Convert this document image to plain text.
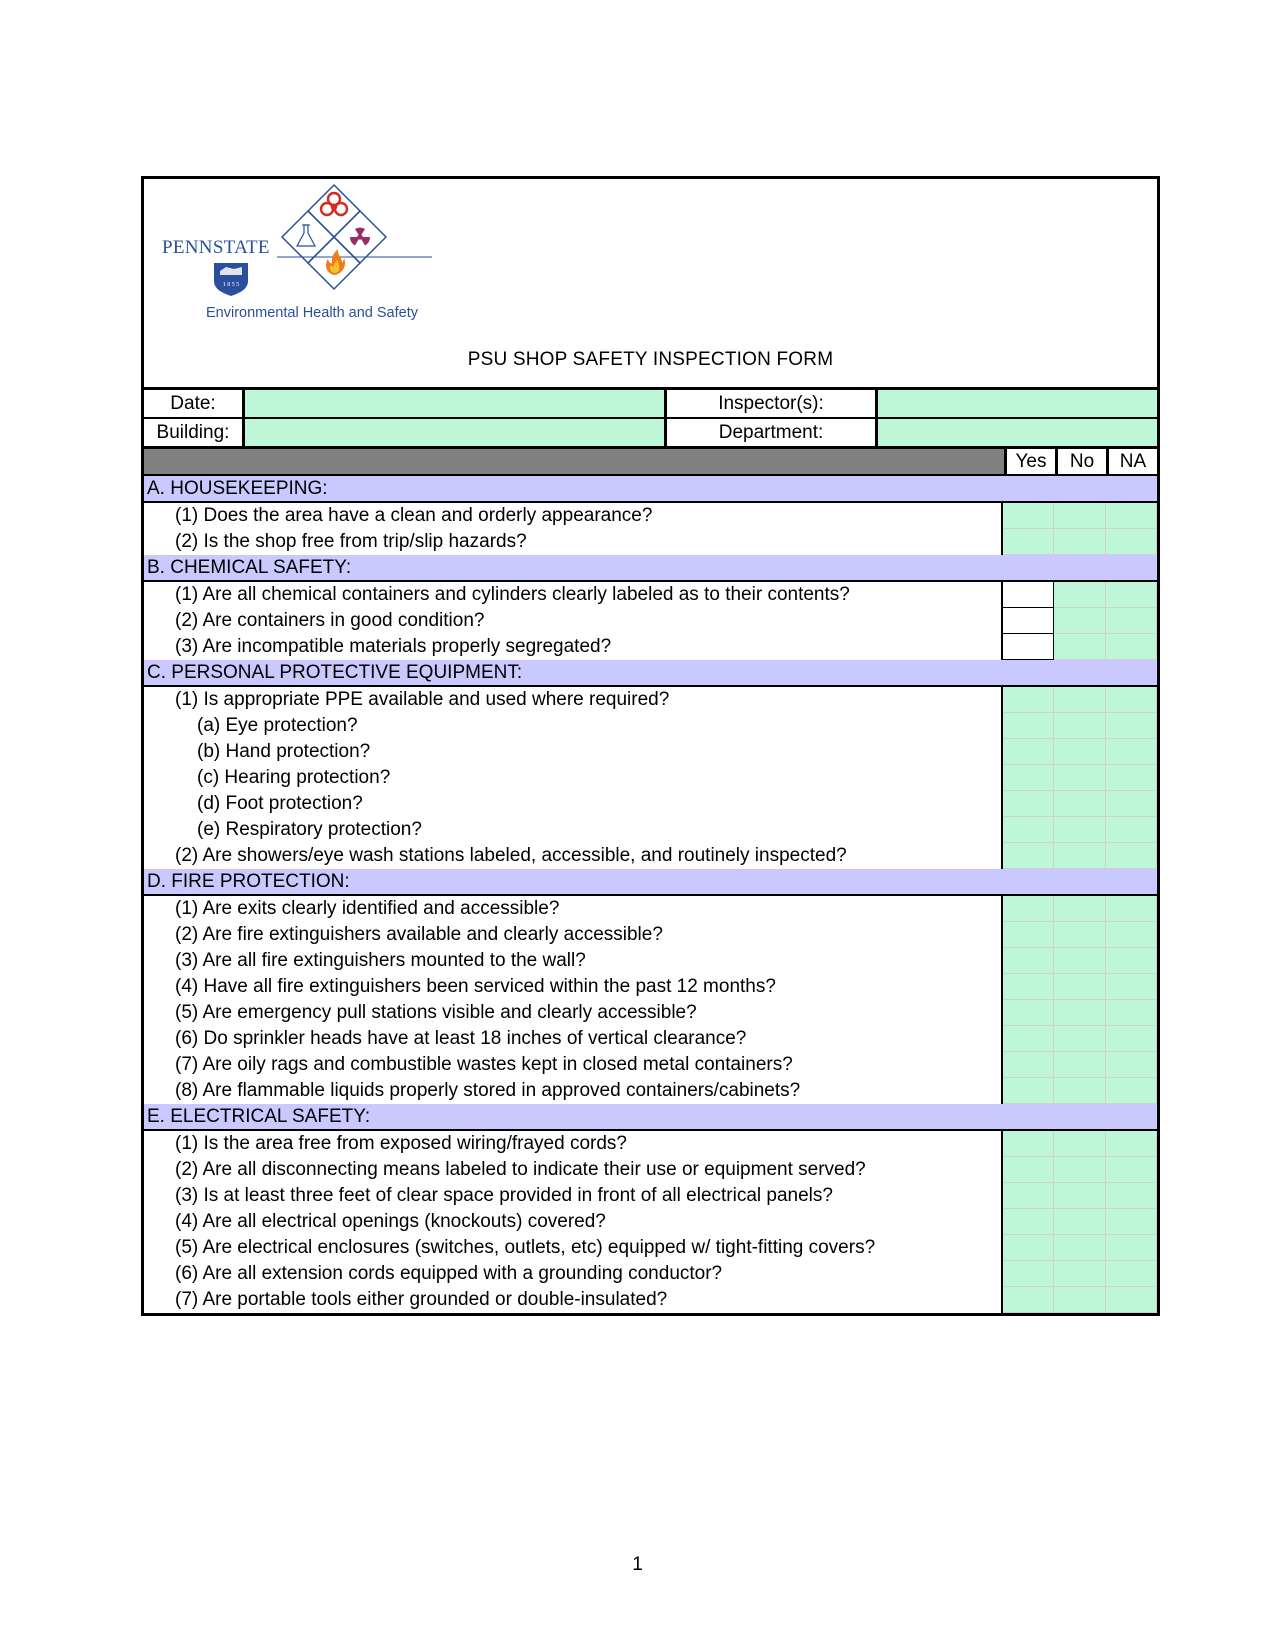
PENNSTATE
1 8 5 5
Environmental Health and Safety
PSU SHOP SAFETY INSPECTION FORM
Date:	Inspector(s):
Building:	Department:
Yes	No	NA
A. HOUSEKEEPING:
(1) Does the area have a clean and orderly appearance?
(2) Is the shop free from trip/slip hazards?
B. CHEMICAL SAFETY:
(1) Are all chemical containers and cylinders clearly labeled as to their contents?
(2) Are containers in good condition?
(3) Are incompatible materials properly segregated?
C. PERSONAL PROTECTIVE EQUIPMENT:
(1) Is appropriate PPE available and used where required?
(a) Eye protection?
(b) Hand protection?
(c) Hearing protection?
(d) Foot protection?
(e) Respiratory protection?
(2) Are showers/eye wash stations labeled, accessible, and routinely inspected?
D. FIRE PROTECTION:
(1) Are exits clearly identified and accessible?
(2) Are fire extinguishers available and clearly accessible?
(3) Are all fire extinguishers mounted to the wall?
(4) Have all fire extinguishers been serviced within the past 12 months?
(5) Are emergency pull stations visible and clearly accessible?
(6) Do sprinkler heads have at least 18 inches of vertical clearance?
(7) Are oily rags and combustible wastes kept in closed metal containers?
(8) Are flammable liquids properly stored in approved containers/cabinets?
E. ELECTRICAL SAFETY:
(1) Is the area free from exposed wiring/frayed cords?
(2) Are all disconnecting means labeled to indicate their use or equipment served?
(3) Is at least three feet of clear space provided in front of all electrical panels?
(4) Are all electrical openings (knockouts) covered?
(5) Are electrical enclosures (switches, outlets, etc) equipped w/ tight-fitting covers?
(6) Are all extension cords equipped with a grounding conductor?
(7) Are portable tools either grounded or double-insulated?
1
